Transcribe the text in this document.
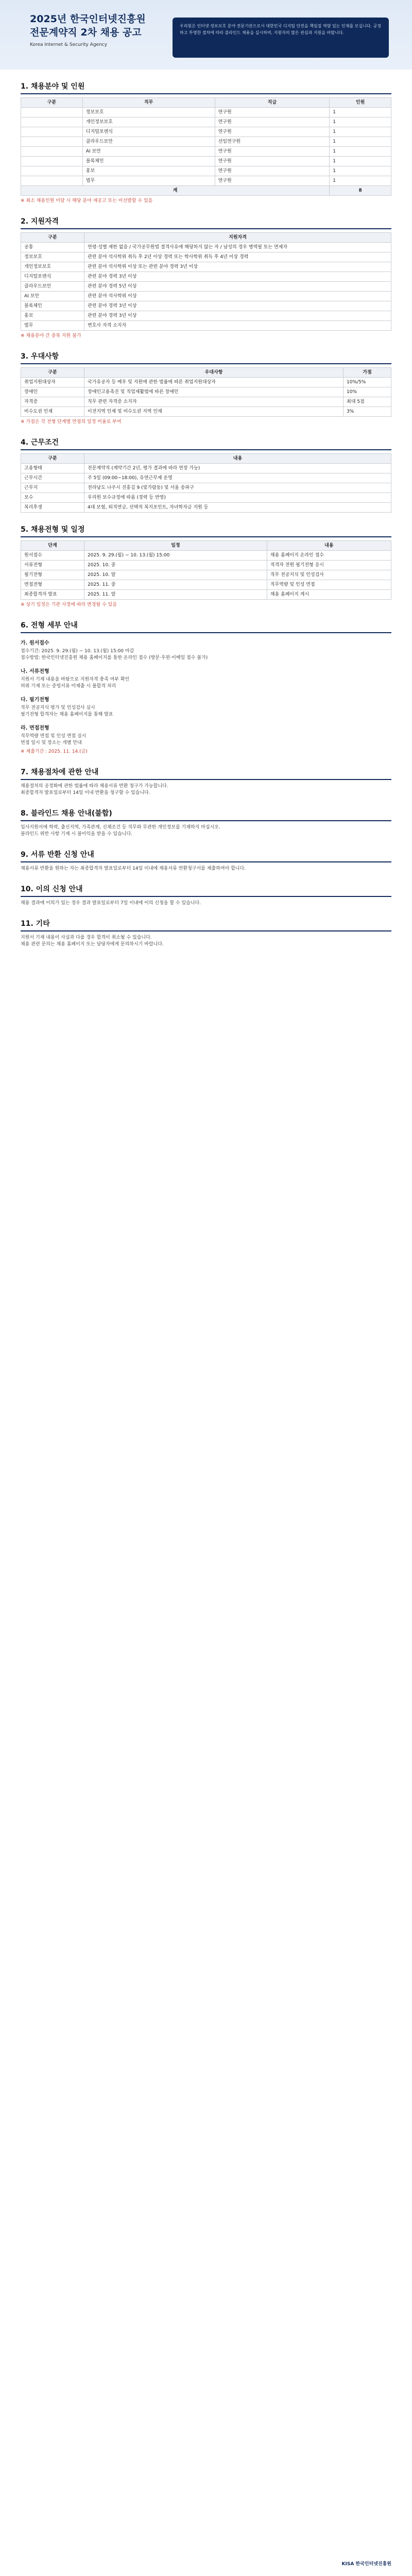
2025년 한국인터넷진흥원
전문계약직 2차 채용 공고
Korea Internet & Security Agency
우리원은 인터넷·정보보호 분야 전문기관으로서 대한민국 디지털 안전을 책임질 역량 있는 인재를 모십니다. 공정하고 투명한 절차에 따라 블라인드 채용을 실시하며, 지원자의 많은 관심과 지원을 바랍니다.
1. 채용분야 및 인원
구분	직무	직급	인원
	정보보호	연구원	1
	개인정보보호	연구원	1
	디지털포렌식	연구원	1
	클라우드보안	선임연구원	1
	AI 보안	연구원	1
	블록체인	연구원	1
	홍보	연구원	1
	법무	연구원	1
계			8
※ 최소 채용인원 미달 시 해당 분야 재공고 또는 미선발할 수 있음
2. 지원자격
구분	지원자격
공통	연령·성별 제한 없음 / 국가공무원법 결격사유에 해당하지 않는 자 / 남성의 경우 병역필 또는 면제자
정보보호	관련 분야 석사학위 취득 후 2년 이상 경력 또는 학사학위 취득 후 4년 이상 경력
개인정보보호	관련 분야 석사학위 이상 또는 관련 분야 경력 3년 이상
디지털포렌식	관련 분야 경력 3년 이상
클라우드보안	관련 분야 경력 5년 이상
AI 보안	관련 분야 석사학위 이상
블록체인	관련 분야 경력 3년 이상
홍보	관련 분야 경력 3년 이상
법무	변호사 자격 소지자
※ 채용분야 간 중복 지원 불가
3. 우대사항
구분	우대사항	가점
취업지원대상자	국가유공자 등 예우 및 지원에 관한 법률에 따른 취업지원대상자	10%/5%
장애인	장애인고용촉진 및 직업재활법에 따른 장애인	10%
자격증	직무 관련 자격증 소지자	최대 5점
비수도권 인재	이전지역 인재 및 비수도권 지역 인재	3%
※ 가점은 각 전형 단계별 만점의 일정 비율로 부여
4. 근무조건
구분	내용
고용형태	전문계약직 (계약기간 2년, 평가 결과에 따라 연장 가능)
근무시간	주 5일 (09:00~18:00), 유연근무제 운영
근무지	전라남도 나주시 진흥길 9 (빛가람동) 및 서울 송파구
보수	우리원 보수규정에 따름 (경력 등 반영)
복리후생	4대 보험, 퇴직연금, 선택적 복지포인트, 자녀학자금 지원 등
5. 채용전형 및 일정
단계	일정	내용
원서접수	2025. 9. 29.(월) ~ 10. 13.(월) 15:00	채용 홈페이지 온라인 접수
서류전형	2025. 10. 중	적격자 전원 필기전형 응시
필기전형	2025. 10. 말	직무 전공지식 및 인성검사
면접전형	2025. 11. 중	직무역량 및 인성 면접
최종합격자 발표	2025. 11. 말	채용 홈페이지 게시
※ 상기 일정은 기관 사정에 따라 변경될 수 있음
6. 전형 세부 안내
가. 원서접수
접수기간: 2025. 9. 29.(월) ~ 10. 13.(월) 15:00 마감
접수방법: 한국인터넷진흥원 채용 홈페이지를 통한 온라인 접수 (방문·우편·이메일 접수 불가)
나. 서류전형
지원서 기재 내용을 바탕으로 지원자격 충족 여부 확인
허위 기재 또는 증빙서류 미제출 시 불합격 처리
다. 필기전형
직무 전공지식 평가 및 인성검사 실시
필기전형 합격자는 채용 홈페이지를 통해 발표
라. 면접전형
직무역량 면접 및 인성 면접 실시
면접 일시 및 장소는 개별 안내
※ 제출기간 : 2025. 11. 14.(금)
7. 채용절차에 관한 안내
채용절차의 공정화에 관한 법률에 따라 채용서류 반환 청구가 가능합니다.
최종합격자 발표일로부터 14일 이내 반환을 청구할 수 있습니다.
8. 블라인드 채용 안내(불합)
입사지원서에 학력, 출신지역, 가족관계, 신체조건 등 직무와 무관한 개인정보를 기재하지 마십시오.
블라인드 위반 사항 기재 시 불이익을 받을 수 있습니다.
9. 서류 반환 신청 안내
채용서류 반환을 원하는 자는 최종합격자 발표일로부터 14일 이내에 채용서류 반환청구서를 제출하여야 합니다.
10. 이의 신청 안내
채용 결과에 이의가 있는 경우 결과 발표일로부터 7일 이내에 이의 신청을 할 수 있습니다.
11. 기타
지원서 기재 내용이 사실과 다를 경우 합격이 취소될 수 있습니다.
채용 관련 문의는 채용 홈페이지 또는 담당자에게 문의하시기 바랍니다.
KISA 한국인터넷진흥원
